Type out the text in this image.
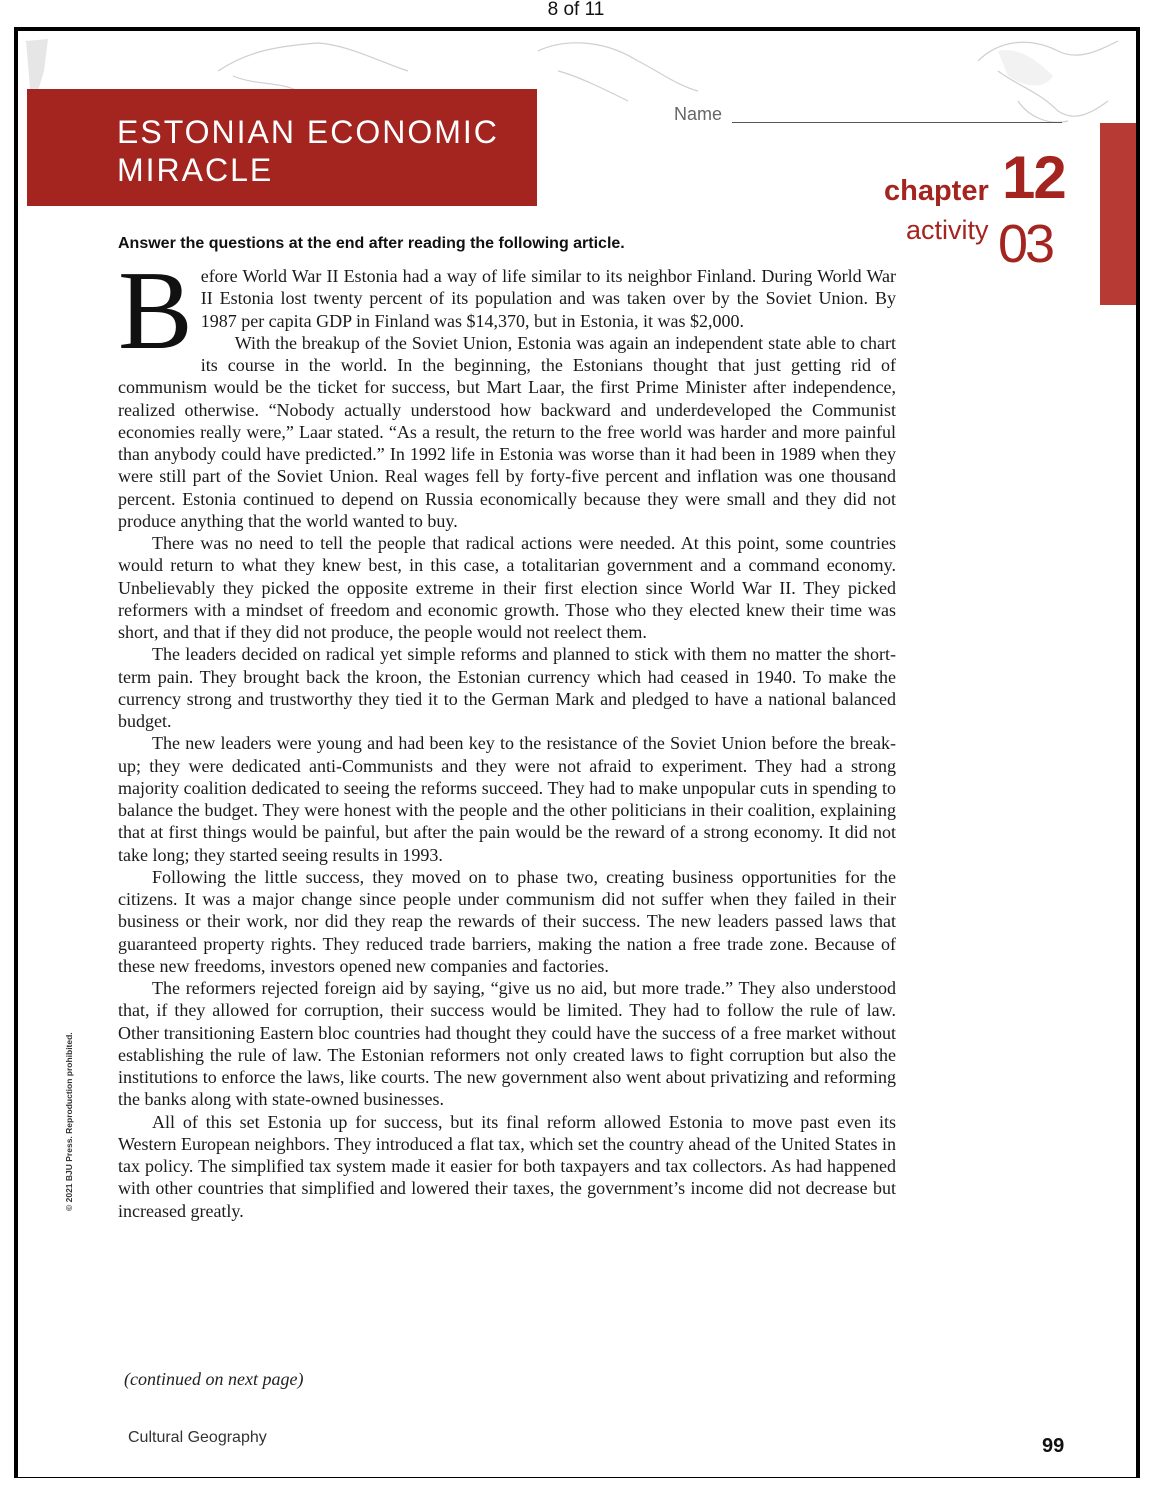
8 of 11
ESTONIAN ECONOMIC
MIRACLE
Name
chapter 12
activity 03
Answer the questions at the end after reading the following article.

Before World War II Estonia had a way of life similar to its neighbor Finland. During World War II Estonia lost twenty percent of its population and was taken over by the Soviet Union. By 1987 per capita GDP in Finland was $14,370, but in Estonia, it was $2,000.

With the breakup of the Soviet Union, Estonia was again an independent state able to chart its course in the world. In the beginning, the Estonians thought that just getting rid of communism would be the ticket for success, but Mart Laar, the first Prime Minister after independence, realized otherwise. “Nobody actually understood how backward and underdeveloped the Communist economies really were,” Laar stated. “As a result, the return to the free world was harder and more painful than anybody could have predicted.” In 1992 life in Estonia was worse than it had been in 1989 when they were still part of the Soviet Union. Real wages fell by forty-five percent and inflation was one thousand percent. Estonia continued to depend on Russia economically because they were small and they did not produce anything that the world wanted to buy.

There was no need to tell the people that radical actions were needed. At this point, some countries would return to what they knew best, in this case, a totalitarian government and a command economy. Unbelievably they picked the opposite extreme in their first election since World War II. They picked reformers with a mindset of freedom and economic growth. Those who they elected knew their time was short, and that if they did not produce, the people would not reelect them.

The leaders decided on radical yet simple reforms and planned to stick with them no matter the short-term pain. They brought back the kroon, the Estonian currency which had ceased in 1940. To make the currency strong and trustworthy they tied it to the German Mark and pledged to have a national balanced budget.

The new leaders were young and had been key to the resistance of the Soviet Union before the break-up; they were dedicated anti-Communists and they were not afraid to experiment. They had a strong majority coalition dedicated to seeing the reforms succeed. They had to make unpopular cuts in spending to balance the budget. They were honest with the people and the other politicians in their coalition, explaining that at first things would be painful, but after the pain would be the reward of a strong economy. It did not take long; they started seeing results in 1993.

Following the little success, they moved on to phase two, creating business opportunities for the citizens. It was a major change since people under communism did not suffer when they failed in their business or their work, nor did they reap the rewards of their success. The new leaders passed laws that guaranteed property rights. They reduced trade barriers, making the nation a free trade zone. Because of these new freedoms, investors opened new companies and factories.

The reformers rejected foreign aid by saying, “give us no aid, but more trade.” They also understood that, if they allowed for corruption, their success would be limited. They had to follow the rule of law. Other transitioning Eastern bloc countries had thought they could have the success of a free market without establishing the rule of law. The Estonian reformers not only created laws to fight corruption but also the institutions to enforce the laws, like courts. The new government also went about privatizing and reforming the banks along with state-owned businesses.

All of this set Estonia up for success, but its final reform allowed Estonia to move past even its Western European neighbors. They introduced a flat tax, which set the country ahead of the United States in tax policy. The simplified tax system made it easier for both taxpayers and tax collectors. As had happened with other countries that simplified and lowered their taxes, the government’s income did not decrease but increased greatly.

(continued on next page)
© 2021 BJU Press. Reproduction prohibited.
Cultural Geography	99
